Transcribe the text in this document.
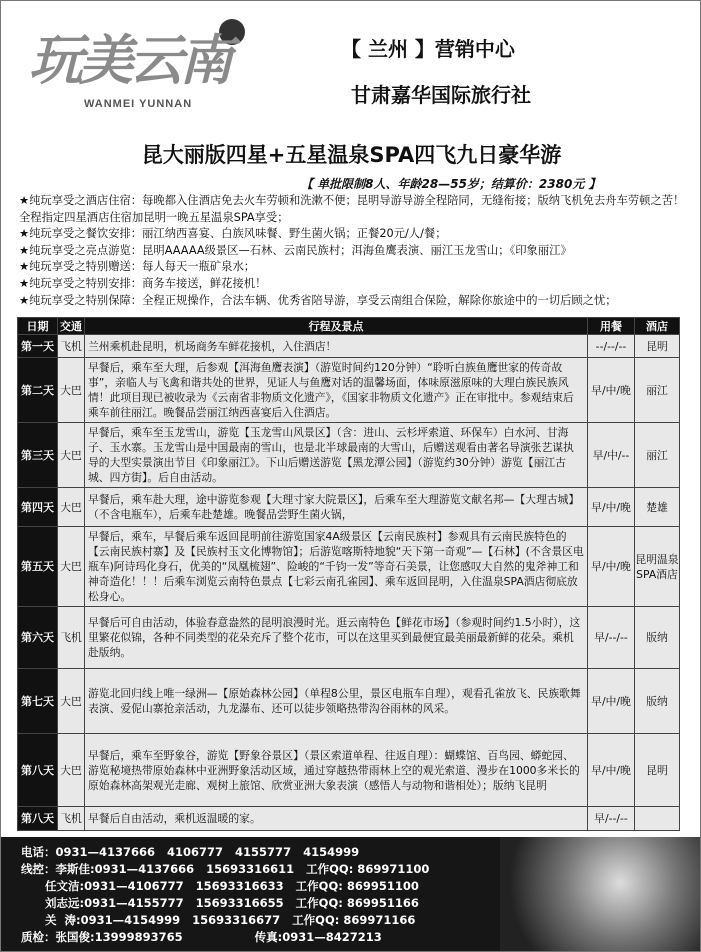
玩美云南
WANMEI YUNNAN
【 兰州 】营销中心
甘肃嘉华国际旅行社
昆大丽版四星+五星温泉SPA四飞九日豪华游
【 单批限制8人、年龄28—55岁；结算价：2380元 】
★纯玩享受之酒店住宿：每晚都入住酒店免去火车劳顿和洗漱不便；昆明导游导游全程陪同，无缝衔接；版纳飞机免去舟车劳顿之苦！全程指定四星酒店住宿加昆明一晚五星温泉SPA享受；
★纯玩享受之餐饮安排：丽江纳西喜宴、白族风味餐、野生菌火锅；正餐20元/人/餐；
★纯玩享受之亮点游览：昆明AAAAA级景区—石林、云南民族村；洱海鱼鹰表演、丽江玉龙雪山；《印象丽江》
★纯玩享受之特别赠送：每人每天一瓶矿泉水；
★纯玩享受之特别安排：商务车接送，鲜花接机！
★纯玩享受之特别保障：全程正规操作，合法车辆、优秀省陪导游，享受云南组合保险，解除你旅途中的一切后顾之忧；
日期	交通	行程及景点	用餐	酒店
第一天	飞机	兰州乘机赴昆明，机场商务车鲜花接机，入住酒店！	--/--/--	昆明
第二天	大巴	早餐后，乘车至大理，后参观【洱海鱼鹰表演】（游览时间约120分钟）“聆听白族鱼鹰世家的传奇故事”，亲临人与飞禽和谐共处的世界，见证人与鱼鹰对话的温馨场面，体味原滋原味的大理白族民族风情！此项目现已被收录为《云南省非物质文化遗产》，《国家非物质文化遗产》正在审批中。参观结束后乘车前往丽江。晚餐品尝丽江纳西喜宴后入住酒店。	早/中/晚	丽江
第三天	大巴	早餐后，乘车至玉龙雪山，游览【玉龙雪山风景区】（含：进山、云杉坪索道、环保车）白水河、甘海子、玉水寨。玉龙雪山是中国最南的雪山，也是北半球最南的大雪山，后赠送观看由著名导演张艺谋执导的大型实景演出节目《印象丽江》。下山后赠送游览【黑龙潭公园】（游览约30分钟）游览【丽江古城、四方街】。后自由活动。	早/中/--	丽江
第四天	大巴	早餐后，乘车赴大理，途中游览参观【大理寸家大院景区】，后乘车至大理游览文献名邦—【大理古城】（不含电瓶车），后乘车赴楚雄。晚餐品尝野生菌火锅，	早/中/晚	楚雄
第五天	大巴	早餐后，乘车，早餐后乘车返回昆明前往游览国家4A级景区【云南民族村】参观具有云南民族特色的【云南民族村寨】及【民族村玉文化博物馆】；后游览喀斯特地貌“天下第一奇观”—【石林】(不含景区电瓶车)阿诗玛化身石，优美的“凤凰梳翅”、险峻的“千钧一发”等奇石美景，让您感叹大自然的鬼斧神工和神奇造化！！！后乘车浏览云南特色景点【七彩云南孔雀园】、乘车返回昆明，入住温泉SPA酒店彻底放松身心。	早/中/晚	昆明温泉SPA酒店
第六天	飞机	早餐后可自由活动，体验春意盎然的昆明浪漫时光。逛云南特色【鲜花市场】（参观时间约1.5小时），这里繁花似锦，各种不同类型的花朵充斥了整个花市，可以在这里买到最便宜最美丽最新鲜的花朵。乘机赴版纳。	早/--/--	版纳
第七天	大巴	游览北回归线上唯一绿洲—【原始森林公园】（单程8公里，景区电瓶车自理），观看孔雀放飞、民族歌舞表演、爱伲山寨抢亲活动，九龙瀑布、还可以徒步领略热带沟谷雨林的风采。	早/中/晚	版纳
第八天	大巴	早餐后，乘车至野象谷，游览【野象谷景区】（景区索道单程、往返自理）：蝴蝶馆、百鸟园、蟒蛇园、游览秘境热带原始森林中亚洲野象活动区域，通过穿越热带雨林上空的观光索道、漫步在1000多米长的原始森林高架观光走廊、观树上旅馆、欣赏亚洲大象表演（感悟人与动物和谐相处）；版纳飞昆明	早/中/晚	昆明
第八天	飞机	早餐后自由活动，乘机返温暖的家。	早/--/--	
电话：0931—4137666   4106777   4155777   4154999
线控：李斯佳:0931—4137666   15693316611   工作QQ: 869971100
任文洁:0931—4106777   15693316633   工作QQ: 869951100
刘志远:0931—4155777   15693316655   工作QQ: 869951166
关  涛:0931—4154999   15693316677   工作QQ: 869971166
质检：张国俊:13999893765                  传真:0931—8427213
